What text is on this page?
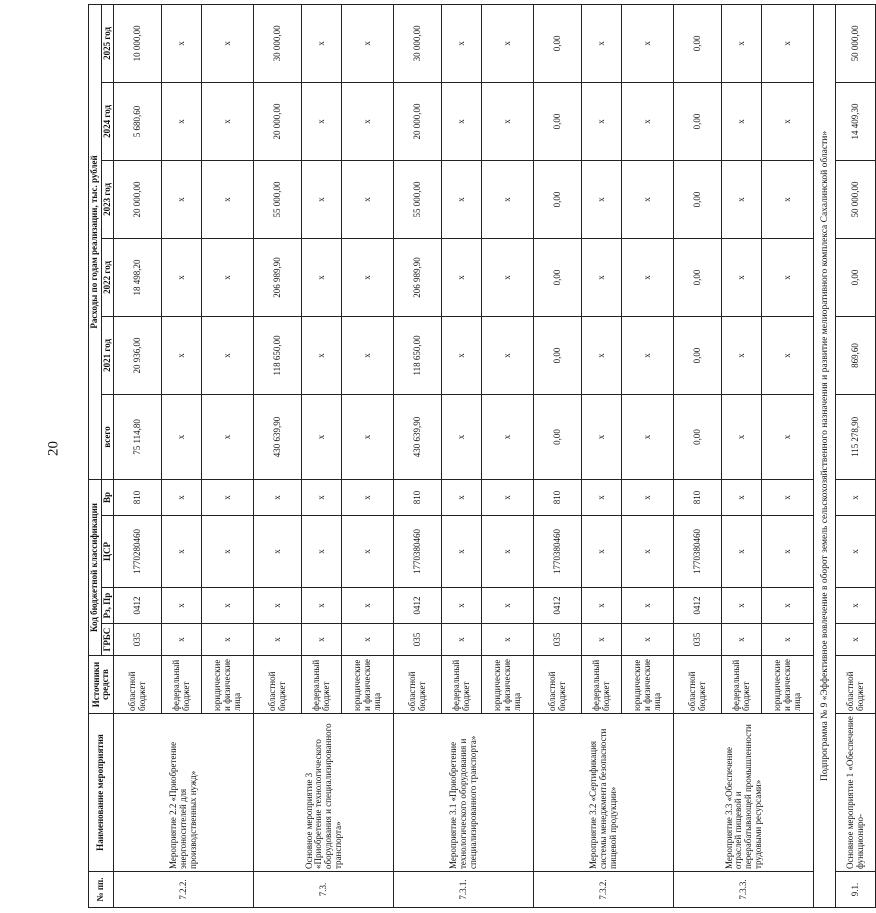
20
№ пп.	Наименование мероприятия	Источники средств	Код бюджетной классификации				Расходы по годам реализации, тыс. рублей					
			ГРБС	Рз, Пр	ЦСР	Вр	всего	2021 год	2022 год	2023 год	2024 год	2025 год
7.2.2.	Мероприятие 2.2 «Приобретение энергоносителей для производственных нужд»	областной бюджет	035	0412	1770280460	810	75 114,80	20 936,00	18 498,20	20 000,00	5 680,60	10 000,00
		федеральный бюджет	х	х	х	х	х	х	х	х	х	х
		юридические и физические лица	х	х	х	х	х	х	х	х	х	х
7.3.	Основное мероприятие 3 «Приобретение технологического оборудования и специализированного транспорта»	областной бюджет	х	х	х	х	430 639,90	118 650,00	206 989,90	55 000,00	20 000,00	30 000,00
		федеральный бюджет	х	х	х	х	х	х	х	х	х	х
		юридические и физические лица	х	х	х	х	х	х	х	х	х	х
7.3.1.	Мероприятие 3.1 «Приобретение технологического оборудования и специализированного транспорта»	областной бюджет	035	0412	1770380460	810	430 639,90	118 650,00	206 989,90	55 000,00	20 000,00	30 000,00
		федеральный бюджет	х	х	х	х	х	х	х	х	х	х
		юридические и физические лица	х	х	х	х	х	х	х	х	х	х
7.3.2.	Мероприятие 3.2 «Сертификация системы менеджмента безопасности пищевой продукции»	областной бюджет	035	0412	1770380460	810	0,00	0,00	0,00	0,00	0,00	0,00
		федеральный бюджет	х	х	х	х	х	х	х	х	х	х
		юридические и физические лица	х	х	х	х	х	х	х	х	х	х
7.3.3.	Мероприятие 3.3 «Обеспечение отраслей пищевой и перерабатывающей промышленности трудовыми ресурсами»	областной бюджет	035	0412	1770380460	810	0,00	0,00	0,00	0,00	0,00	0,00
		федеральный бюджет	х	х	х	х	х	х	х	х	х	х
		юридические и физические лица	х	х	х	х	х	х	х	х	х	х
Подпрограмма № 9 «Эффективное вовлечение в оборот земель сельскохозяйственного назначения и развитие мелиоративного комплекса Сахалинской области»												
9.1.	Основное мероприятие 1 «Обеспечение функциониро-	областной бюджет	х	х	х	х	115 278,90	869,60	0,00	50 000,00	14 409,30	50 000,00
